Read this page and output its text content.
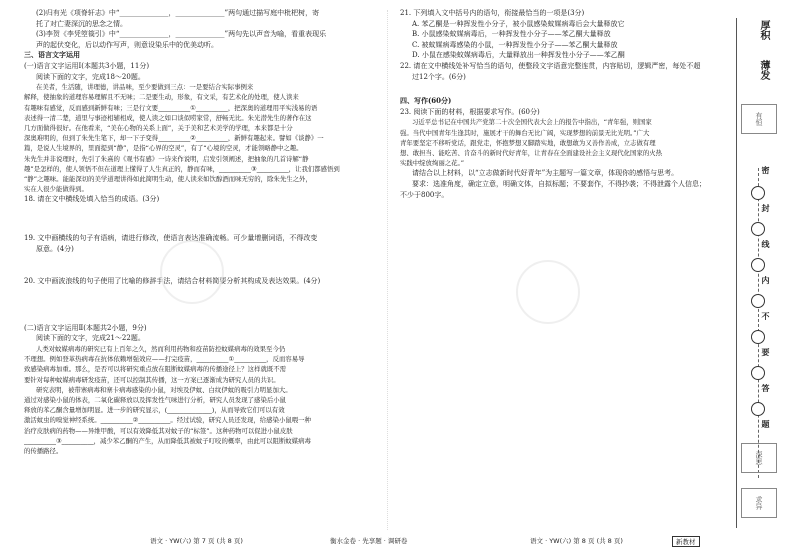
(2)归有光《项脊轩志》中“______________，______________”两句通过描写庭中枇杷树，寄
托了对亡妻深沉的思念之情。
(3)李贺《李凭箜篌引》中“______________，______________”两句先以声音为喻，看重表现乐
声的起伏变化，后以动作写声，则意设染乐中的优美动听。
三、语言文字运用
(一)语言文字运用Ⅰ(本题共3小题，11分)
阅读下面的文字，完成18～20题。
在美者，生活随，讲理德，讲品味，至少要做到三点：一是要结合实际事例来
解释，使抽象的道理容易理解且不无味；二是要生动，形象，有文采，有艺术化的处理，使人读来
有趣味有感觉，反而感到新鲜有味；三是行文要__________①__________，把深奥的道理用平实浅易的语
表述得一清二楚，道里与事迹相辅相成，使人读之如口谈似唠家常，舒畅无比。朱光潜先生的著作在这
几方面做得很好。在他看来，“美在心物的关系上面”，关于美和艺术美学的学理，本来都是十分
深奥难明的，但到了朱先生笔下，却一下子变得__________②__________，新鲜有趣起来。譬如《谈静》一
篇，是说人生境界的，里面提到“静”，是指“心界的空灵”，有了“心境的空灵，才能领略静中之趣。
朱先生并非说理时，先引了朱熹的《观书有感》一诗来作说明，启发引领阐述，把抽象的几首诗解“静
趣”是怎样的，使人领悟不但在道理上懂得了人生真正的，静而有味，__________③__________，让我们都感悟到
“静”之趣味。能能深切的美学道理讲得如此简明生动，使人读来如饮醇酒而味无穷的，除朱先生之外，
实在人很少能做得到。
18. 请在文中横线处填入恰当的成语。(3分)
19. 文中画横线的句子有语病，请进行修改，使语言表达准确流畅。可少量增删词语，不得改变
原意。(4分)
20. 文中画波浪线的句子使用了比喻的修辞手法，请结合材料简要分析其构成及表达效果。(4分)
(二)语言文字运用Ⅱ(本题共2小题，9分)
阅读下面的文字，完成21～22题。
人类对蚊媒病毒的研究已有上百年之久，然而利用药物和疫苗防控蚊媒病毒的效果至今仍
不理想。例如登革热病毒在抗体依赖增强效应——打完疫苗，__________①__________，反而容易导
致感染病毒加重。那么，是否可以将研究重点放在阻断蚊媒病毒的传播途径上？这样就既不需
要针对每种蚊媒病毒研发疫苗，还可以控制其传播，这一方案已逐渐成为研究人员的共识。
研究表明，被带寨病毒和寨卡病毒感染的小鼠，对埃及伊蚊、白纹伊蚊的吸引力明显加大。
通过对感染小鼠的体表，二氧化碳释放以及挥发性气味进行分析，研究人员发现了感染后小鼠
释放的苯乙酮含量增加明显。进一步的研究显示，(______________)，从而导致它们可以有效
激活蚊虫的嗅觉神经系统。__________②__________。经过试验，研究人员还发现，给感染小鼠喂一种
治疗皮肤病的药物——异维甲酸，可以有效降低其对蚊子的“标签”。这种药物可以促进小鼠皮肤
__________③__________，减少苯乙酮的产生，从而降低其被蚊子叮咬的概率，由此可以阻断蚊媒病毒
的传播路径。
21. 下列填入文中括号内的语句，衔接最恰当的一项是(3分)
A. 苯乙酮是一种挥发性小分子，被小鼠感染蚊媒病毒后会大量释放它
B. 小鼠感染蚊媒病毒后，一种挥发性小分子——苯乙酮大量释放
C. 被蚊媒病毒感染的小鼠，一种挥发性小分子——苯乙酮大量释放
D. 小鼠在感染蚊媒病毒后，大量释放出一种挥发性小分子——苯乙酮
22. 请在文中横线处补写恰当的语句，使整段文字语意完整连贯，内容贴切，逻辑严密，每处不超
过12个字。(6分)
四、写作(60分)
23. 阅读下面的材料，根据要求写作。(60分)
习近平总书记在中国共产党第二十次全国代表大会上的报告中指出，“青年强，则国家
强。当代中国青年生逢其时，施展才干的舞台无比广阔，实现梦想的前景无比光明。”广大
青年要坚定不移听党话，跟党走，怀抱梦想又脚踏实地，敢想敢为又善作善成，立志做有理
想、敢担当、能吃苦、肯奋斗的新时代好青年，让青春在全面建设社会主义现代化国家的火热
实践中绽放绚丽之花。”
请结合以上材料，以“立志做新时代好青年”为主题写一篇文章，体现你的感悟与思考。
要求：选准角度，确定立意，明确文体，自拟标题；不要套作，不得抄袭；不得泄露个人信息；
不少于800字。
语文 · YW(六) 第 7 页 (共 8 页)	衡水金卷 · 先享题 · 调研卷	语文 · YW(六) 第 8 页 (共 8 页)	新教材
厚积
薄发
有恒
密
封
线
内
不
要
答
题
深思
求异
